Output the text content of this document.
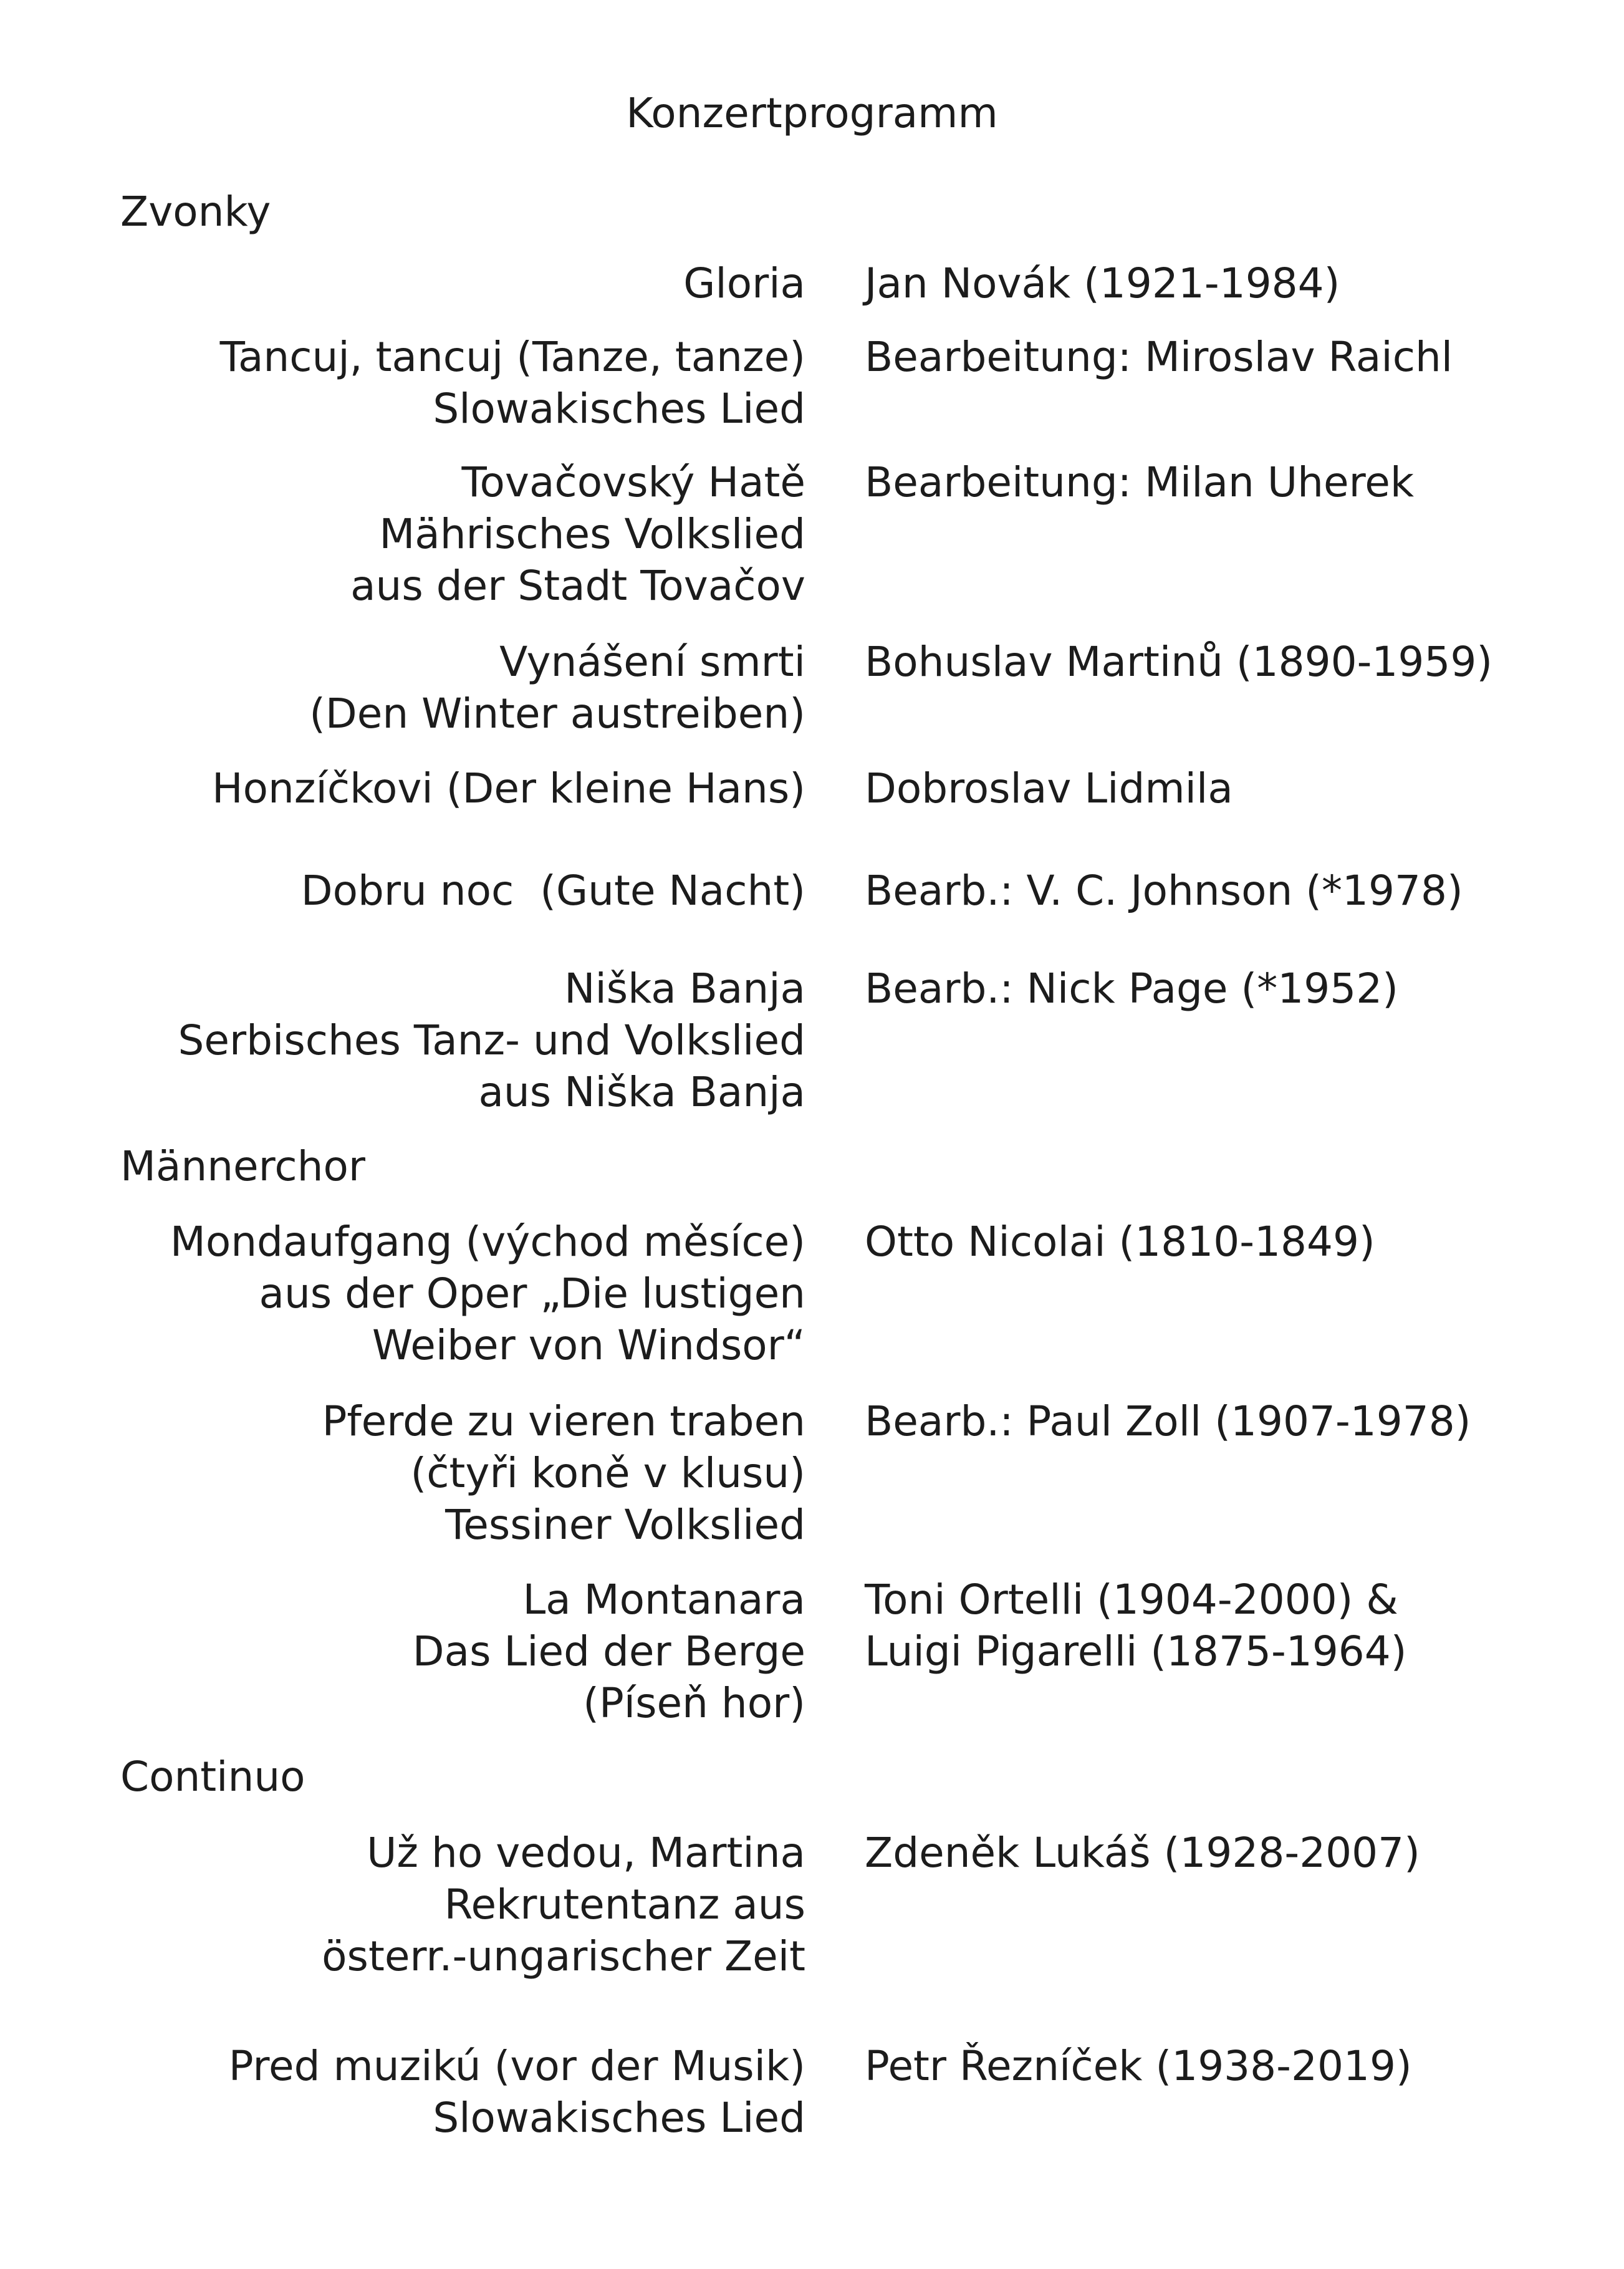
Konzertprogramm
Zvonky
Gloria Jan Novák (1921-1984)
Tancuj, tancuj (Tanze, tanze)
Slowakisches Lied
Bearbeitung: Miroslav Raichl
Tovačovský Hatě
Mährisches Volkslied
aus der Stadt Tovačov
Bearbeitung: Milan Uherek
Vynášení smrti
(Den Winter austreiben)
Bohuslav Martinů (1890-1959)
Honzíčkovi (Der kleine Hans) Dobroslav Lidmila
Dobru noc  (Gute Nacht) Bearb.: V. C. Johnson (*1978)
Niška Banja
Serbisches Tanz- und Volkslied
aus Niška Banja
Bearb.: Nick Page (*1952)
Männerchor
Mondaufgang (východ měsíce)
aus der Oper „Die lustigen
Weiber von Windsor“
Otto Nicolai (1810-1849)
Pferde zu vieren traben
(čtyři koně v klusu)
Tessiner Volkslied
Bearb.: Paul Zoll (1907-1978)
La Montanara
Das Lied der Berge
(Píseň hor)
Toni Ortelli (1904-2000) &
Luigi Pigarelli (1875-1964)
Continuo
Už ho vedou, Martina
Rekrutentanz aus
österr.-ungarischer Zeit
Zdeněk Lukáš (1928-2007)
Pred muzikú (vor der Musik)
Slowakisches Lied
Petr Řezníček (1938-2019)
